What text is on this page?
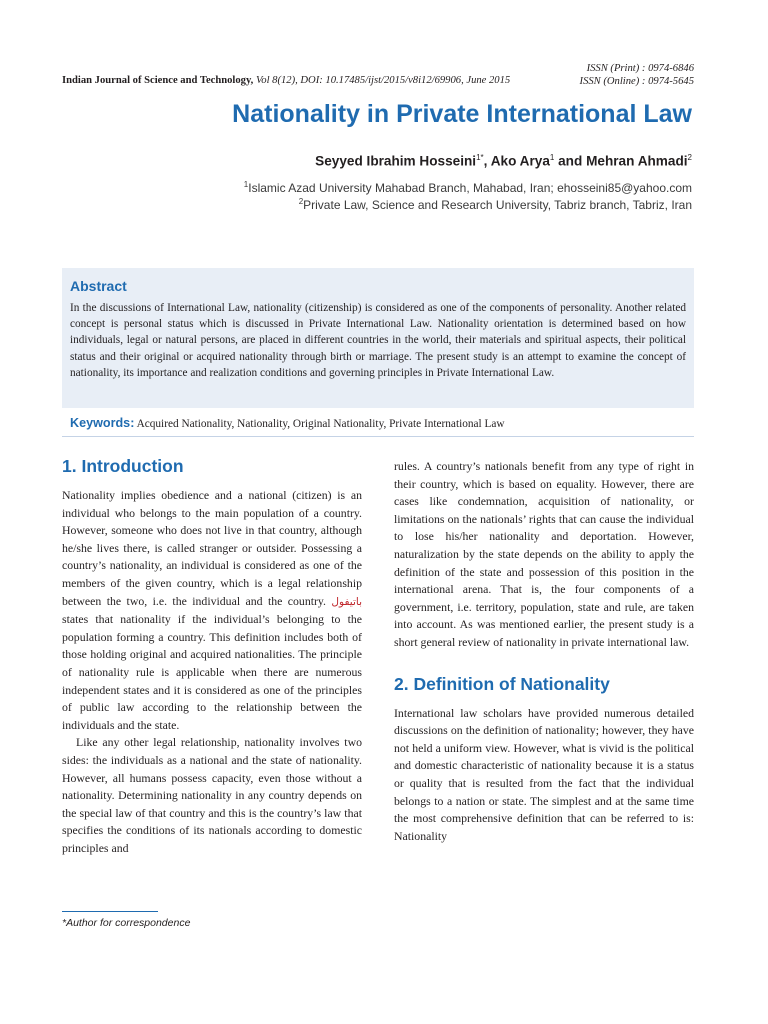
Indian Journal of Science and Technology, Vol 8(12), DOI: 10.17485/ijst/2015/v8i12/69906, June 2015
ISSN (Print) : 0974-6846
ISSN (Online) : 0974-5645
Nationality in Private International Law
Seyyed Ibrahim Hosseini$^{1*}$, Ako Arya$^1$ and Mehran Ahmadi$^2$
$^1$Islamic Azad University Mahabad Branch, Mahabad, Iran; ehosseini85@yahoo.com
$^2$Private Law, Science and Research University, Tabriz branch, Tabriz, Iran
Abstract
In the discussions of International Law, nationality (citizenship) is considered as one of the components of personality. Another related concept is personal status which is discussed in Private International Law. Nationality orientation is determined based on how individuals, legal or natural persons, are placed in different countries in the world, their materials and spiritual aspects, their political status and their original or acquired nationality through birth or marriage. The present study is an attempt to examine the concept of nationality, its importance and realization conditions and governing principles in Private International Law.
Keywords: Acquired Nationality, Nationality, Original Nationality, Private International Law
1. Introduction

Nationality implies obedience and a national (citizen) is an individual who belongs to the main population of a country. However, someone who does not live in that country, although he/she lives there, is called stranger or outsider. Possessing a country’s nationality, an individual is considered as one of the members of the given country, which is a legal relationship between the two, i.e. the individual and the country. باتيفول states that nationality if the individual’s belonging to the population forming a country. This definition includes both of those holding original and acquired nationalities. The principle of nationality rule is applicable when there are numerous independent states and it is considered as one of the principles of public law according to the relationship between the individuals and the state.

Like any other legal relationship, nationality involves two sides: the individuals as a national and the state of nationality. However, all humans possess capacity, even those without a nationality. Determining nationality in any country depends on the special law of that country and this is the country’s law that specifies the conditions of its nationals according to domestic principles and

rules. A country’s nationals benefit from any type of right in their country, which is based on equality. However, there are cases like condemnation, acquisition of nationality, or limitations on the nationals’ rights that can cause the individual to lose his/her nationality and deportation. However, naturalization by the state depends on the ability to apply the definition of the state and possession of this position in the international arena. That is, the four components of a government, i.e. territory, population, state and rule, are taken into account. As was mentioned earlier, the present study is a short general review of nationality in private international law.

2. Definition of Nationality

International law scholars have provided numerous detailed discussions on the definition of nationality; however, they have not held a uniform view. However, what is vivid is the political and domestic characteristic of nationality because it is a status or quality that is resulted from the fact that the individual belongs to a nation or state. The simplest and at the same time the most comprehensive definition that can be referred to is: Nationality

*Author for correspondence
